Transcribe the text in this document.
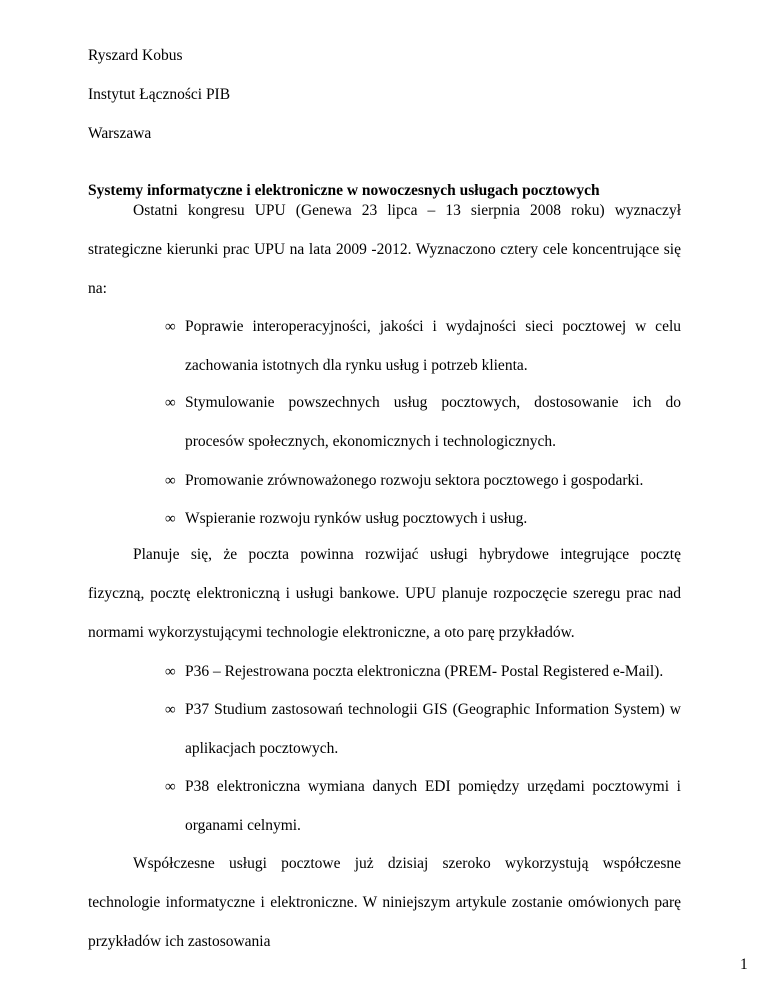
Ryszard Kobus
Instytut Łączności PIB
Warszawa
Systemy informatyczne i elektroniczne w nowoczesnych usługach pocztowych
Ostatni kongresu UPU (Genewa 23 lipca – 13 sierpnia 2008 roku) wyznaczył
strategiczne kierunki prac UPU na lata 2009 -2012. Wyznaczono cztery cele koncentrujące się
na:
∞ Poprawie interoperacyjności, jakości i wydajności sieci pocztowej w celu
zachowania istotnych dla rynku usług i potrzeb klienta.
∞ Stymulowanie powszechnych usług pocztowych, dostosowanie ich do
procesów społecznych, ekonomicznych i technologicznych.
∞ Promowanie zrównoważonego rozwoju sektora pocztowego i gospodarki.
∞ Wspieranie rozwoju rynków usług pocztowych i usług.
Planuje się, że poczta powinna rozwijać usługi hybrydowe integrujące pocztę
fizyczną, pocztę elektroniczną i usługi bankowe. UPU planuje rozpoczęcie szeregu prac nad
normami wykorzystującymi technologie elektroniczne, a oto parę przykładów.
∞ P36 – Rejestrowana poczta elektroniczna (PREM- Postal Registered e-Mail).
∞ P37 Studium zastosowań technologii GIS (Geographic Information System) w
aplikacjach pocztowych.
∞ P38 elektroniczna wymiana danych EDI pomiędzy urzędami pocztowymi i
organami celnymi.
Współczesne usługi pocztowe już dzisiaj szeroko wykorzystują współczesne
technologie informatyczne i elektroniczne. W niniejszym artykule zostanie omówionych parę
przykładów ich zastosowania
1
